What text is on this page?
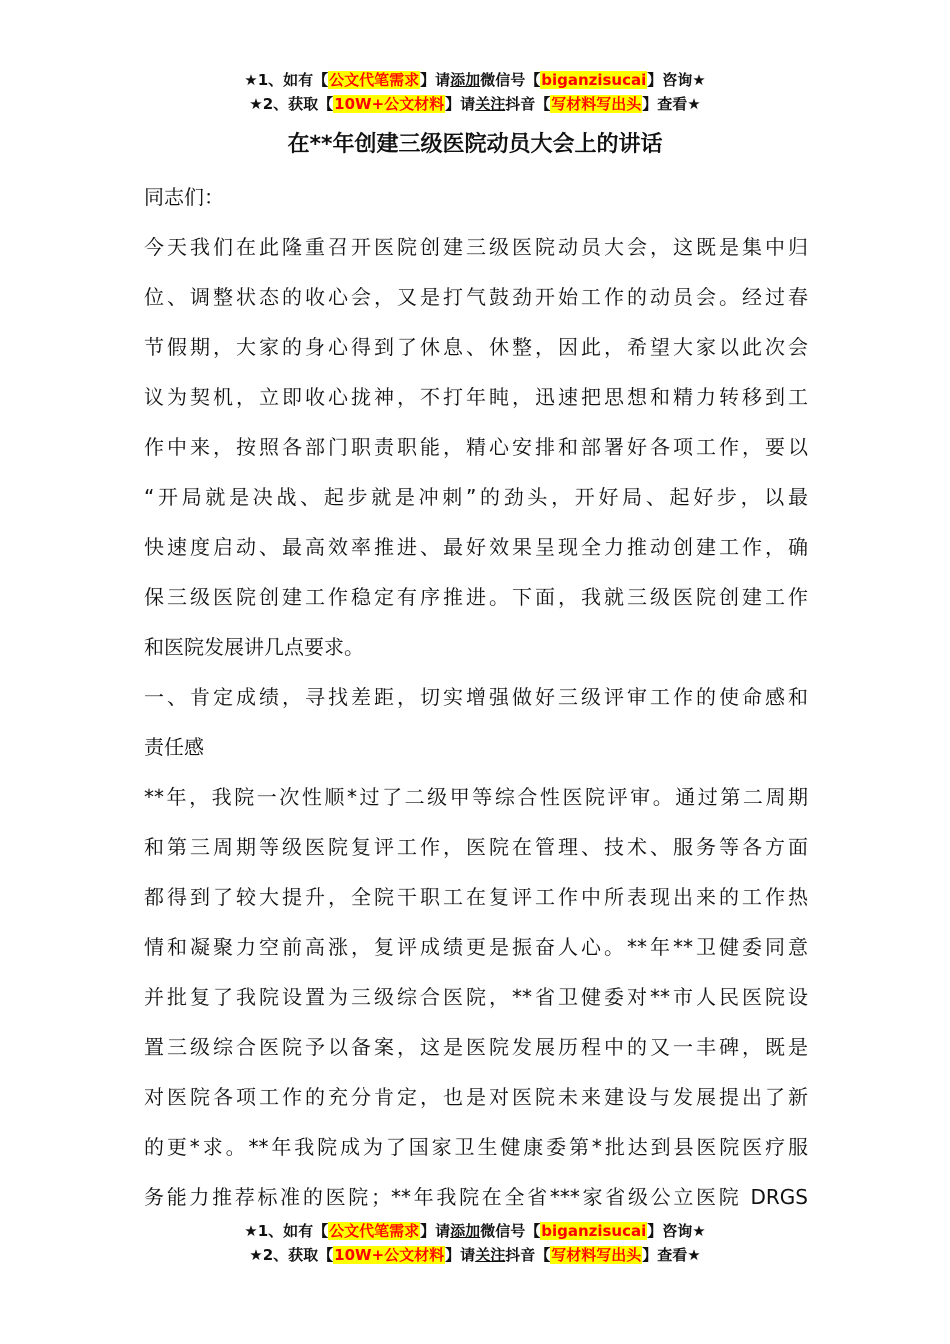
★1、如有【公文代笔需求】请添加微信号【biganzisucai】咨询★
★2、获取【10W+公文材料】请关注抖音【写材料写出头】查看★
在**年创建三级医院动员大会上的讲话

同志们：

今天我们在此隆重召开医院创建三级医院动员大会，这既是集中归
位、调整状态的收心会，又是打气鼓劲开始工作的动员会。经过春
节假期，大家的身心得到了休息、休整，因此，希望大家以此次会
议为契机，立即收心拢神，不打年盹，迅速把思想和精力转移到工
作中来，按照各部门职责职能，精心安排和部署好各项工作，要以
“开局就是决战、起步就是冲刺”的劲头，开好局、起好步，以最
快速度启动、最高效率推进、最好效果呈现全力推动创建工作，确
保三级医院创建工作稳定有序推进。下面，我就三级医院创建工作
和医院发展讲几点要求。

一、肯定成绩，寻找差距，切实增强做好三级评审工作的使命感和
责任感

**年，我院一次性顺*过了二级甲等综合性医院评审。通过第二周期
和第三周期等级医院复评工作，医院在管理、技术、服务等各方面
都得到了较大提升，全院干职工在复评工作中所表现出来的工作热
情和凝聚力空前高涨，复评成绩更是振奋人心。**年**卫健委同意
并批复了我院设置为三级综合医院，**省卫健委对**市人民医院设
置三级综合医院予以备案，这是医院发展历程中的又一丰碑，既是
对医院各项工作的充分肯定，也是对医院未来建设与发展提出了新
的更*求。**年我院成为了国家卫生健康委第*批达到县医院医疗服
务能力推荐标准的医院；**年我院在全省***家省级公立医院 DRGS

★1、如有【公文代笔需求】请添加微信号【biganzisucai】咨询★
★2、获取【10W+公文材料】请关注抖音【写材料写出头】查看★
